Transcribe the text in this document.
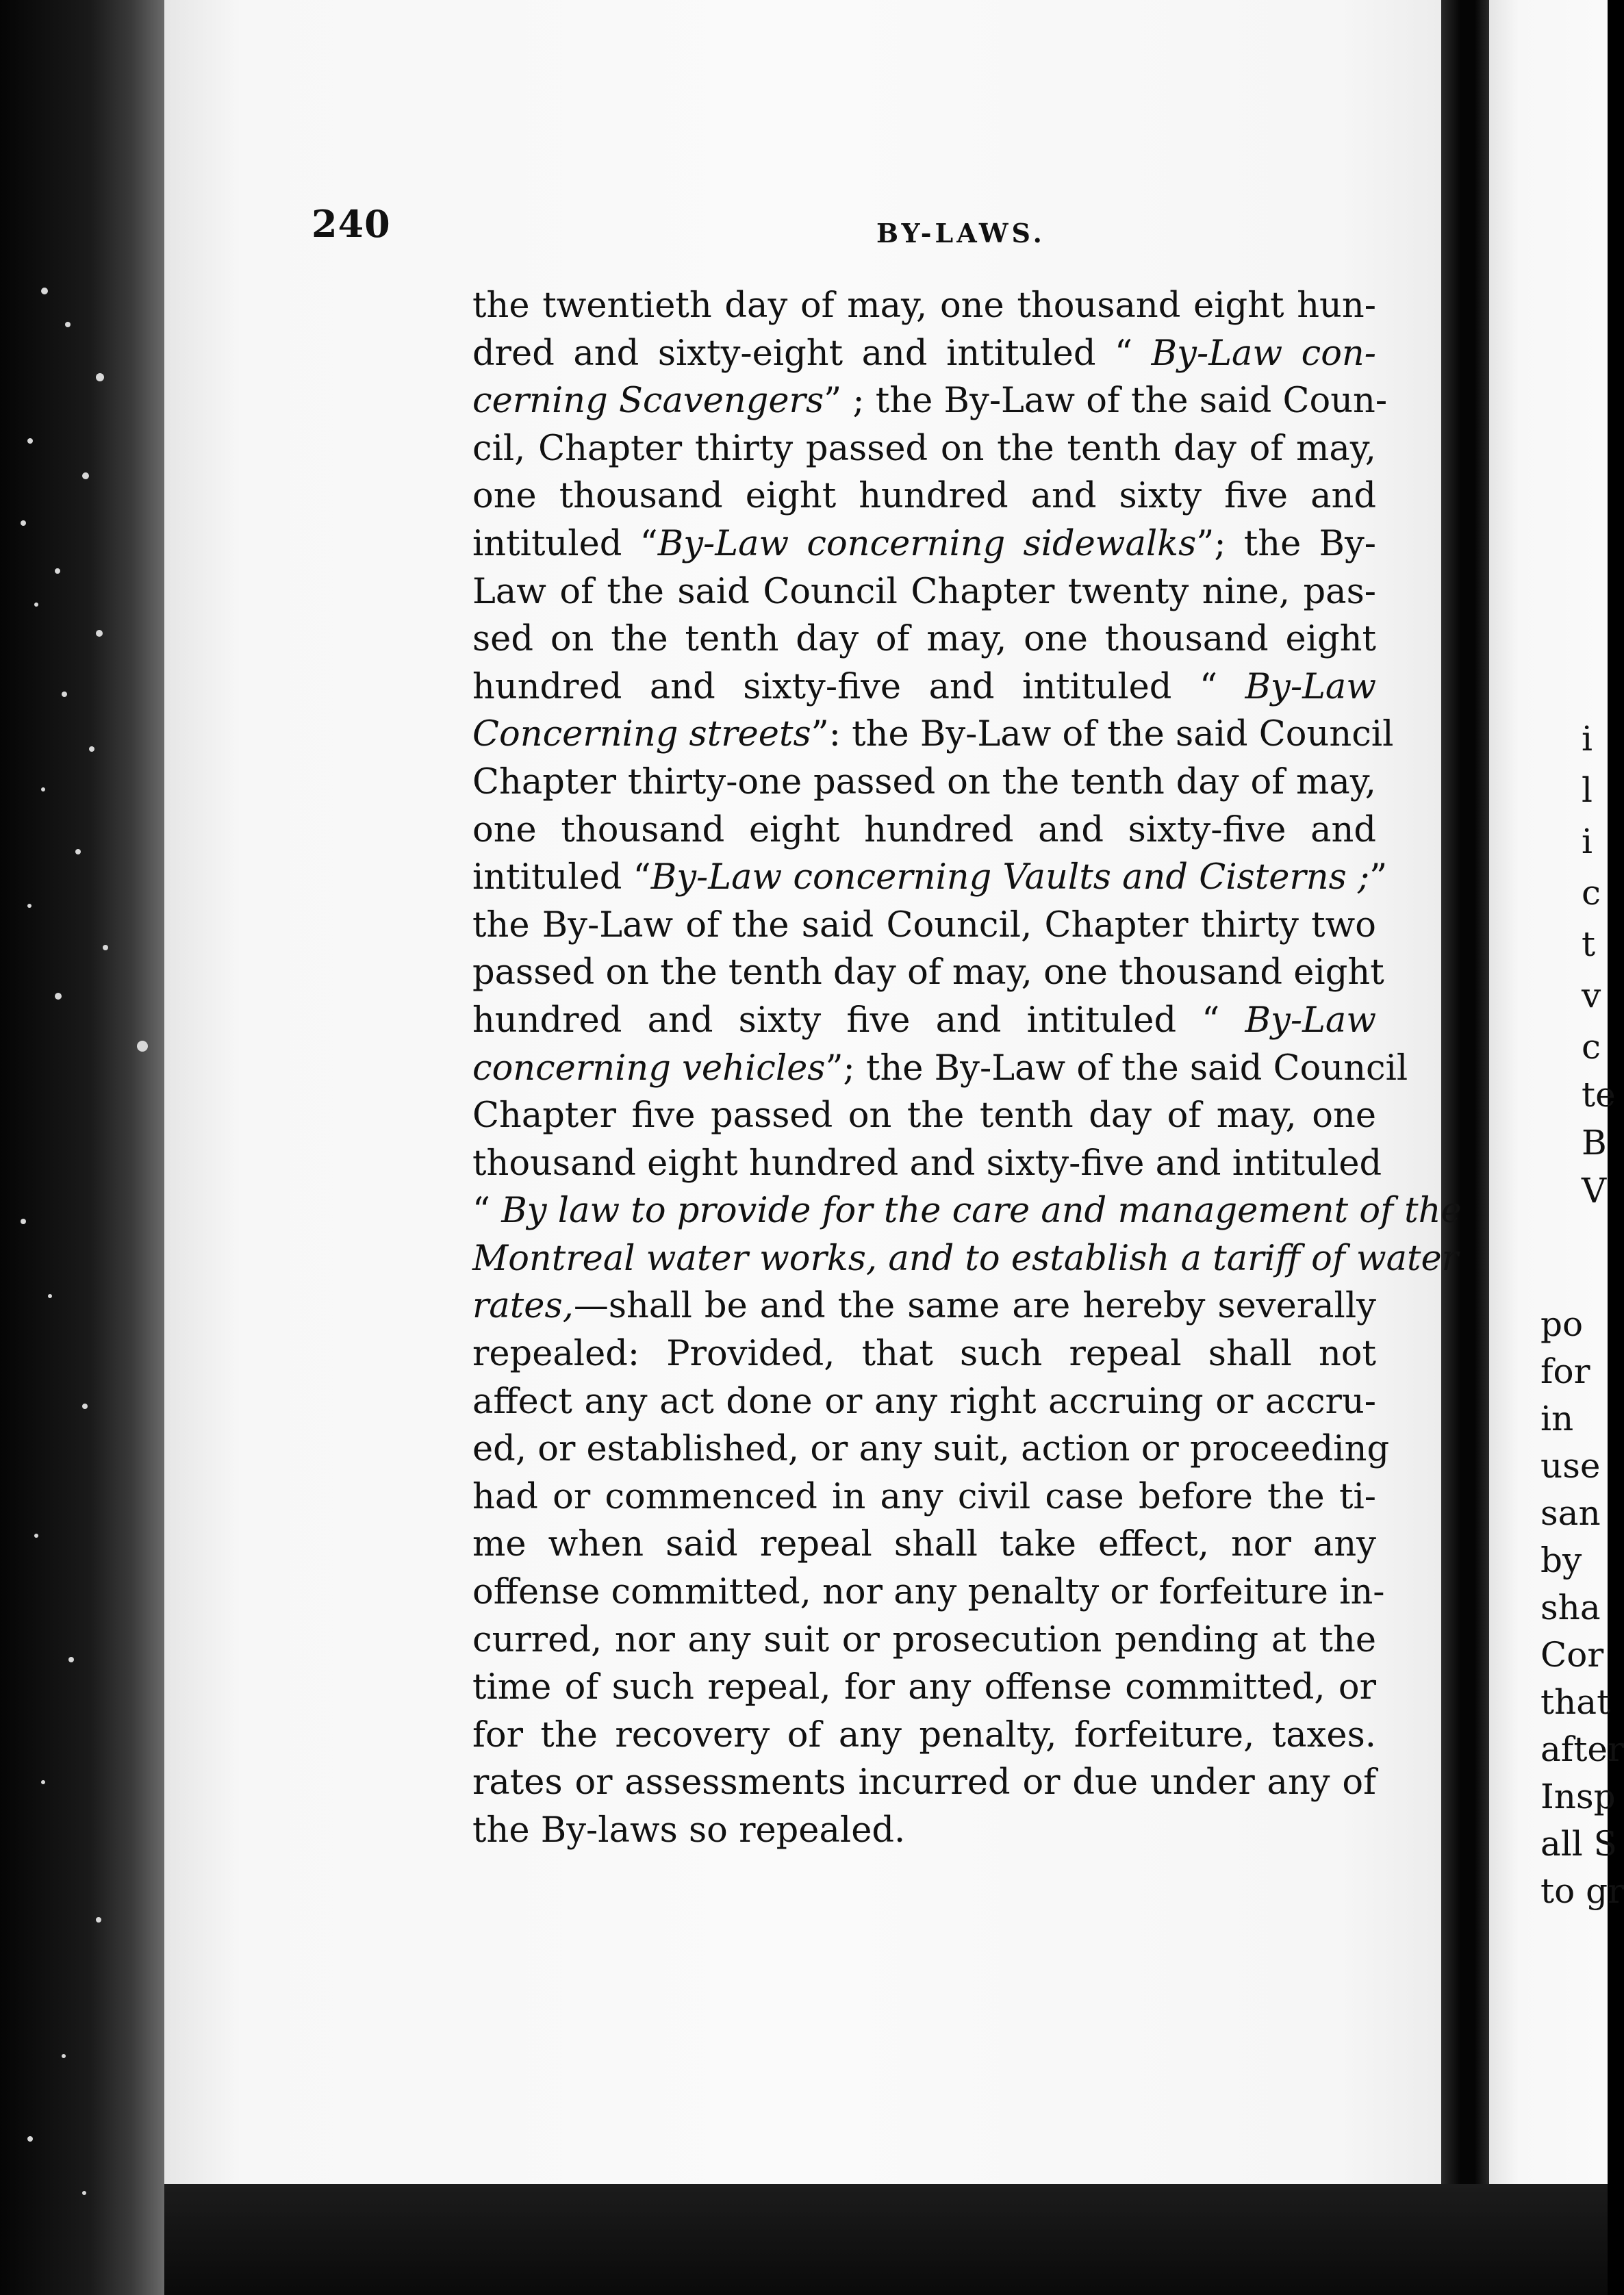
240	BY-LAWS.
the twentieth day of may, one thousand eight hun-
dred and sixty-eight and intituled “ By-Law con-
cerning Scavengers” ; the By-Law of the said Coun-
cil, Chapter thirty passed on the tenth day of may,
one thousand eight hundred and sixty five and
intituled “By-Law concerning sidewalks”; the By-
Law of the said Council Chapter twenty nine, pas-
sed on the tenth day of may, one thousand eight
hundred and sixty-five and intituled “ By-Law
Concerning streets”: the By-Law of the said Council
Chapter thirty-one passed on the tenth day of may,
one thousand eight hundred and sixty-five and
intituled “By-Law concerning Vaults and Cisterns ;”
the By-Law of the said Council, Chapter thirty two
passed on the tenth day of may, one thousand eight
hundred and sixty five and intituled “ By-Law
concerning vehicles”; the By-Law of the said Council
Chapter five passed on the tenth day of may, one
thousand eight hundred and sixty-five and intituled
“ By law to provide for the care and management of the
Montreal water works, and to establish a tariff of water
rates,—shall be and the same are hereby severally
repealed: Provided, that such repeal shall not
affect any act done or any right accruing or accru-
ed, or established, or any suit, action or proceeding
had or commenced in any civil case before the ti-
me when said repeal shall take effect, nor any
offense committed, nor any penalty or forfeiture in-
curred, nor any suit or prosecution pending at the
time of such repeal, for any offense committed, or
for the recovery of any penalty, forfeiture, taxes.
rates or assessments incurred or due under any of
the By-laws so repealed.
i
l
i
c
t
v
c
te
B
V
po
for
in
use
san
by
sha
Cor
that
after
Insp
all S
to gr
